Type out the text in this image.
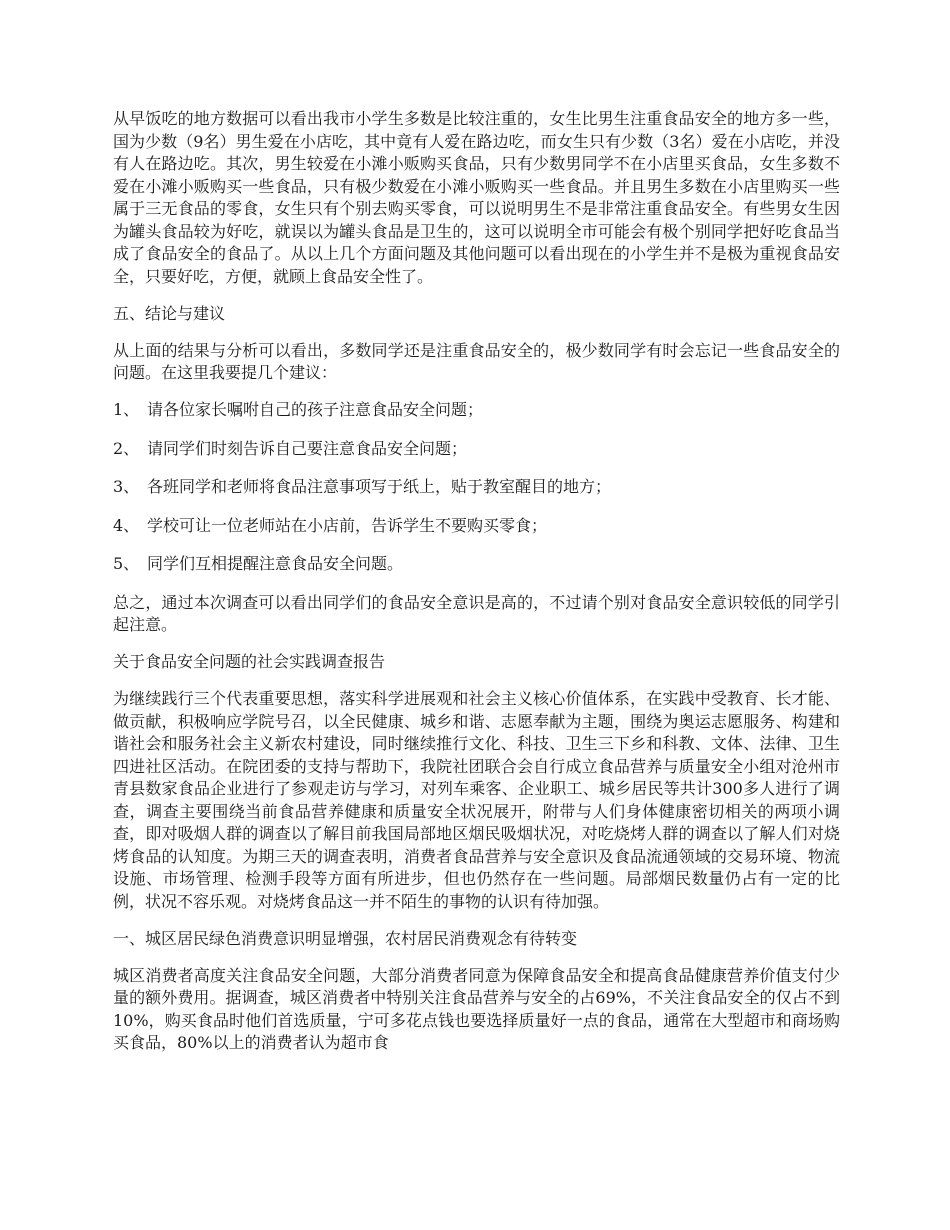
从早饭吃的地方数据可以看出我市小学生多数是比较注重的，女生比男生注重食品安全的地方多一些，国为少数（9名）男生爱在小店吃，其中竟有人爱在路边吃，而女生只有少数（3名）爱在小店吃，并没有人在路边吃。其次，男生较爱在小滩小贩购买食品，只有少数男同学不在小店里买食品，女生多数不爱在小滩小贩购买一些食品，只有极少数爱在小滩小贩购买一些食品。并且男生多数在小店里购买一些属于三无食品的零食，女生只有个别去购买零食，可以说明男生不是非常注重食品安全。有些男女生因为罐头食品较为好吃，就误以为罐头食品是卫生的，这可以说明全市可能会有极个别同学把好吃食品当成了食品安全的食品了。从以上几个方面问题及其他问题可以看出现在的小学生并不是极为重视食品安全，只要好吃，方便，就顾上食品安全性了。

五、结论与建议

从上面的结果与分析可以看出，多数同学还是注重食品安全的，极少数同学有时会忘记一些食品安全的问题。在这里我要提几个建议：

1、 请各位家长嘱咐自己的孩子注意食品安全问题；
2、 请同学们时刻告诉自己要注意食品安全问题；
3、 各班同学和老师将食品注意事项写于纸上，贴于教室醒目的地方；
4、 学校可让一位老师站在小店前，告诉学生不要购买零食；
5、 同学们互相提醒注意食品安全问题。

总之，通过本次调查可以看出同学们的食品安全意识是高的，不过请个别对食品安全意识较低的同学引起注意。

关于食品安全问题的社会实践调查报告

为继续践行三个代表重要思想，落实科学进展观和社会主义核心价值体系，在实践中受教育、长才能、做贡献，积极响应学院号召，以全民健康、城乡和谐、志愿奉献为主题，围绕为奥运志愿服务、构建和谐社会和服务社会主义新农村建设，同时继续推行文化、科技、卫生三下乡和科教、文体、法律、卫生四进社区活动。在院团委的支持与帮助下，我院社团联合会自行成立食品营养与质量安全小组对沧州市青县数家食品企业进行了参观走访与学习，对列车乘客、企业职工、城乡居民等共计300多人进行了调查，调查主要围绕当前食品营养健康和质量安全状况展开，附带与人们身体健康密切相关的两项小调查，即对吸烟人群的调查以了解目前我国局部地区烟民吸烟状况，对吃烧烤人群的调查以了解人们对烧烤食品的认知度。为期三天的调查表明，消费者食品营养与安全意识及食品流通领域的交易环境、物流设施、市场管理、检测手段等方面有所进步，但也仍然存在一些问题。局部烟民数量仍占有一定的比例，状况不容乐观。对烧烤食品这一并不陌生的事物的认识有待加强。

一、城区居民绿色消费意识明显增强，农村居民消费观念有待转变

城区消费者高度关注食品安全问题，大部分消费者同意为保障食品安全和提高食品健康营养价值支付少量的额外费用。据调查，城区消费者中特别关注食品营养与安全的占69%，不关注食品安全的仅占不到10%，购买食品时他们首选质量，宁可多花点钱也要选择质量好一点的食品，通常在大型超市和商场购买食品，80%以上的消费者认为超市食
